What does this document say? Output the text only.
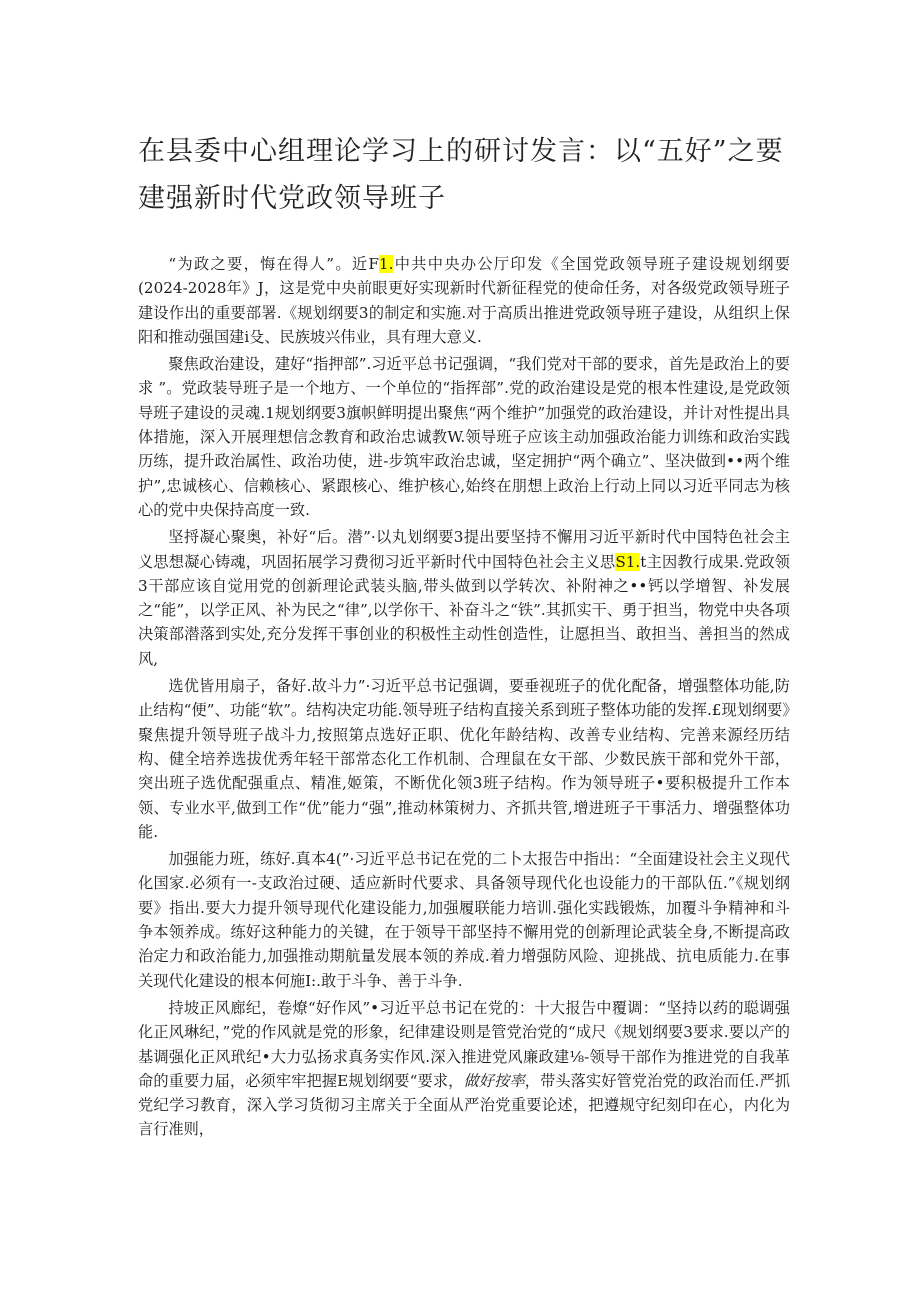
在县委中心组理论学习上的研讨发言：以“五好”之要建强新时代党政领导班子

“为政之要，悔在得人”。近F1.中共中央办公厅印发《全国党政领导班子建设规划纲要(2024-2028年》J，这是党中央前眼更好实现新时代新征程党的使命任务，对各级党政领导班子建设作出的重要部署.《规划纲要3的制定和实施.对于高质出推进党政领导班子建设，从组织上保阳和推动强国建i殳、民族坡兴伟业，具有理大意义.

聚焦政治建设，建好“指押部”.习近平总书记强调，“我们党对干部的要求，首先是政治上的要求 ”。党政装导班子是一个地方、一个单位的“指挥部”.党的政治建设是党的根本性建设,是党政领导班子建设的灵魂.1规划纲要3旗帜鲜明提出聚焦“两个维护”加强党的政治建设，并计对性提出具体措施，深入开展理想信念教育和政治忠诚教W.领导班子应该主动加强政治能力训练和政治实践历练，提升政治属性、政治功使，进-步筑牢政治忠诚，坚定拥护“两个确立”、坚决做到••两个维护”,忠诚核心、信赖核心、紧跟核心、维护核心,始终在朋想上政治上行动上同以习近平同志为核心的党中央保持高度一致.

坚捋凝心聚奥，补好“后。潜”·以丸划纲要3提出要坚持不懈用习近平新时代中国特色社会主义思想凝心铸魂，巩固拓展学习费彻习近平新时代中国特色社会主义思S1.t主因教行成果.党政领3干部应该自觉用党的创新理论武装头脑,带头做到以学转次、补附神之••钙以学增智、补发展之“能”，以学正风、补为民之“律”,以学你干、补奋斗之“铁”.其抓实干、勇于担当，物党中央各项决策部潜落到实处,充分发挥干事创业的积极性主动性创造性，让愿担当、敢担当、善担当的然成风,

选优皆用扇子，备好.故斗力”·习近平总书记强调，要垂视班子的优化配备，增强整体功能,防止结构“便”、功能“软”。结构决定功能.领导班子结构直接关系到班子整体功能的发挥.£现划纲要》聚焦提升领导班子战斗力,按照第点选好正职、优化年龄结构、改善专业结构、完善来源经历结构、健全培养选拔优秀年轻干部常态化工作机制、合理鼠在女干部、少数民族干部和党外干部，突出班子选优配强重点、精准,姬策，不断优化领3班子结构。作为领导班子•要积极提升工作本领、专业水平,做到工作“优”能力“强”,推动林策树力、齐抓共管,增进班子干事活力、增强整体功能.

加强能力班，练好.真本4(”·习近平总书记在党的二卜太报告中指出：“全面建设社会主义现代化国家.必须有一-支政治过硬、适应新时代要求、具备领导现代化也设能力的干部队伍.”《规划纲要》指出.要大力提升领导现代化建设能力,加强履联能力培训.强化实践锻炼，加覆斗争精神和斗争本领养成。练好这种能力的关键，在于领导干部坚持不懈用党的创新理论武装全身,不断提高政治定力和政治能力,加强推动期航量发展本领的养成.着力增强防风险、迎挑战、抗电质能力.在事关现代化建设的根本何施I:.敢于斗争、善于斗争.

持坡正风廊纪，卷燎“好作风”•习近平总书记在党的：十大报告中覆调：“坚持以药的聪调强化正风琳纪，”党的作风就是党的形象，纪律建设则是管党治党的“成尺《规划纲要3要求.要以产的基调强化正风玳纪•大力弘扬求真务实作风.深入推进党风廉政建⅛-领导干部作为推进党的自我革命的重要力届，必须牢牢把握E规划纲要“要求，做好按率，带头落实好管党治党的政治而任.严抓党纪学习教育，深入学习货彻习主席关于全面从严治党重要论述，把遵规守纪刻印在心，内化为言行准则，
